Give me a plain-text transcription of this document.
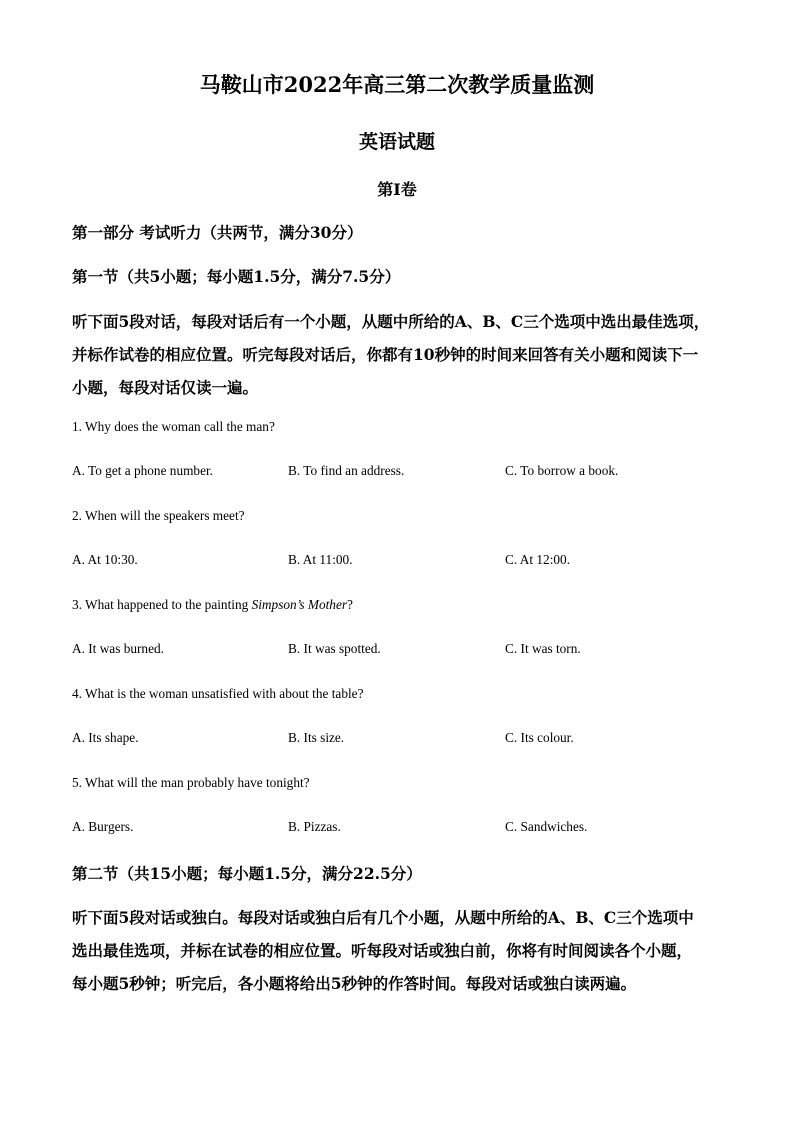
马鞍山市2022年高三第二次教学质量监测
英语试题
第I卷
第一部分 考试听力（共两节，满分30分）
第一节（共5小题；每小题1.5分，满分7.5分）

听下面5段对话，每段对话后有一个小题，从题中所给的A、B、C三个选项中选出最佳选项，

并标作试卷的相应位置。听完每段对话后，你都有10秒钟的时间来回答有关小题和阅读下一

小题，每段对话仅读一遍。

1. Why does the woman call the man?
A. To get a phone number.	B. To find an address.	C. To borrow a book.
2. When will the speakers meet?
A. At 10:30.	B. At 11:00.	C. At 12:00.
3. What happened to the painting Simpson’s Mother?
A. It was burned.	B. It was spotted.	C. It was torn.
4. What is the woman unsatisfied with about the table?
A. Its shape.	B. Its size.	C. Its colour.
5. What will the man probably have tonight?
A. Burgers.	B. Pizzas.	C. Sandwiches.
第二节（共15小题；每小题1.5分，满分22.5分）

听下面5段对话或独白。每段对话或独白后有几个小题，从题中所给的A、B、C三个选项中

选出最佳选项，并标在试卷的相应位置。听每段对话或独白前，你将有时间阅读各个小题，

每小题5秒钟；听完后，各小题将给出5秒钟的作答时间。每段对话或独白读两遍。
